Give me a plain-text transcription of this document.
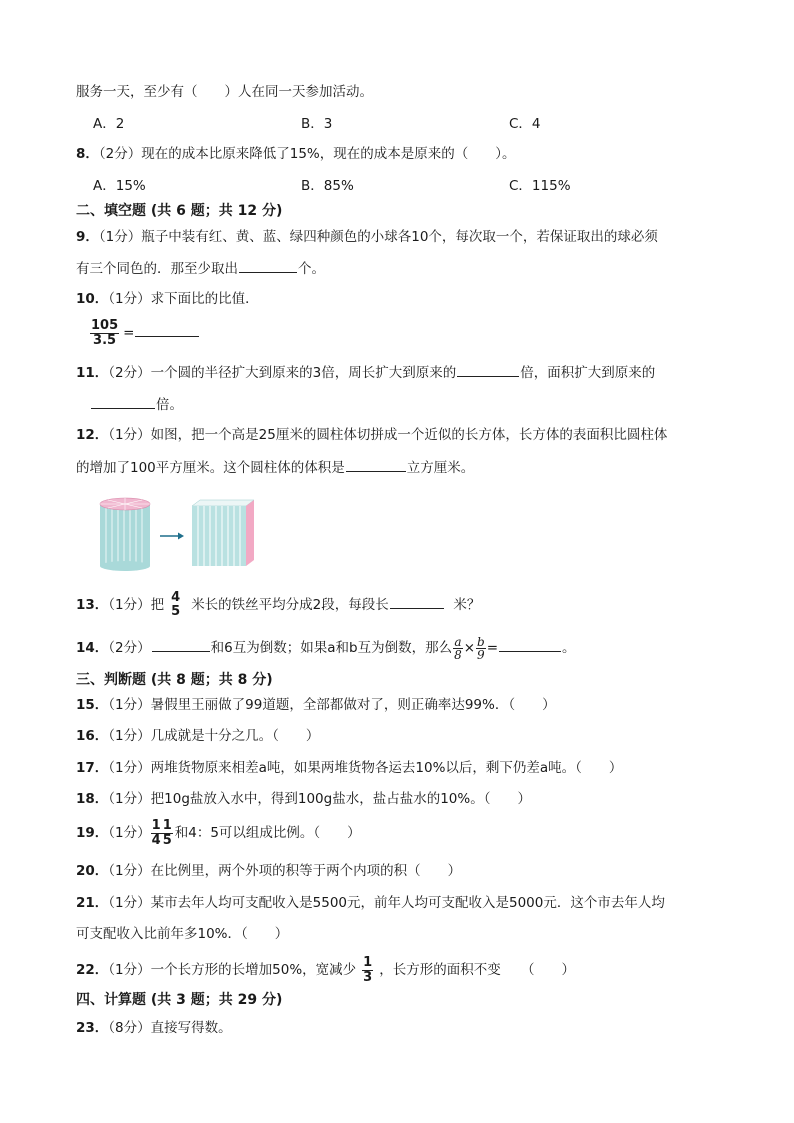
服务一天，至少有（　　）人在同一天参加活动。
A．2	B．3	C．4
8．（2分）现在的成本比原来降低了15%，现在的成本是原来的（　　）。
A．15%	B．85%	C．115%
二、填空题 (共 6 题；共 12 分)
9．（1分）瓶子中装有红、黄、蓝、绿四种颜色的小球各10个，每次取一个，若保证取出的球必须
有三个同色的．那至少取出	个。
10．（1分）求下面比的比值．
$\frac{105}{3.5}$ =
11．（2分）一个圆的半径扩大到原来的3倍，周长扩大到原来的	倍，面积扩大到原来的
倍。
12．（1分）如图，把一个高是25厘米的圆柱体切拼成一个近似的长方体，长方体的表面积比圆柱体
的增加了100平方厘米。这个圆柱体的体积是	立方厘米。
13．（1分）把 4
5 米长的铁丝平均分成2段，每段长	米？
14．（2分）	和6互为倒数；如果a和b互为倒数，那么 $\frac{a}{8} \times \frac{b}{9}$ =	。
三、判断题 (共 8 题；共 8 分)
15．（1分）暑假里王丽做了99道题，全部都做对了，则正确率达99%．（　　）
16．（1分）几成就是十分之几。（　　）
17．（1分）两堆货物原来相差a吨，如果两堆货物各运去10%以后，剩下仍差a吨。（　　）
18．（1分）把10g盐放入水中，得到100g盐水，盐占盐水的10%。（　　）
19．（1分） $\frac{1}{4} \frac{1}{5}$ 和4：5可以组成比例。（　　）
20．（1分）在比例里，两个外项的积等于两个内项的积（　　）
21．（1分）某市去年人均可支配收入是5500元，前年人均可支配收入是5000元．这个市去年人均
可支配收入比前年多10%．（　　）
22．（1分）一个长方形的长增加50%，宽减少 $\frac{1}{3}$ ，长方形的面积不变　　（　　）
四、计算题 (共 3 题；共 29 分)
23．（8分）直接写得数。
